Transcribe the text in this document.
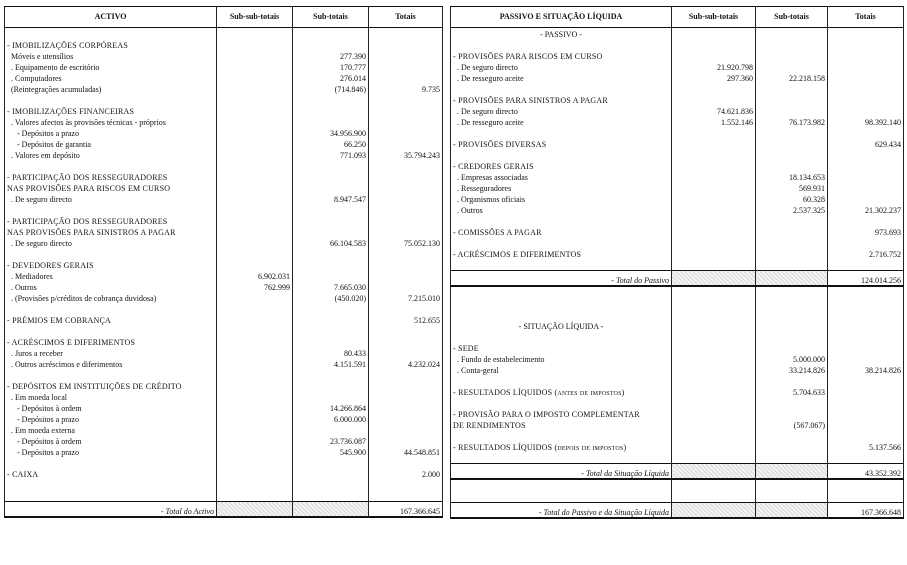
ACTIVO	Sub-sub-totais	Sub-totais	Totais

- IMOBILIZAÇÕES CORPÓREAS			
Móveis e utensílios		277.390	
. Equipamento de escritório		170.777	
. Computadores		276.014	
(Reintegrações acumuladas)		(714.846)	9.735

- IMOBILIZAÇÕES FINANCEIRAS			
. Valores afectos às provisões técnicas - próprios			
- Depósitos a prazo		34.956.900	
- Depósitos de garantia		66.250	
. Valores em depósito		771.093	35.794.243

- PARTICIPAÇÃO DOS RESSEGURADORES			
NAS PROVISÕES PARA RISCOS EM CURSO			
. De seguro directo		8.947.547	

- PARTICIPAÇÃO DOS RESSEGURADORES			
NAS PROVISÕES PARA SINISTROS A PAGAR			
. De seguro directo		66.104.583	75.052.130

- DEVEDORES GERAIS			
. Mediadores	6.902.031		
. Outros	762.999	7.665.030	
. (Provisões p/créditos de cobrança duvidosa)		(450.020)	7.215.010

- PRÉMIOS EM COBRANÇA			512.655

- ACRÉSCIMOS E DIFERIMENTOS			
. Juros a receber		80.433	
. Outros acréscimos e diferimentos		4.151.591	4.232.024

- DEPÓSITOS EM INSTITUIÇÕES DE CRÉDITO			
. Em moeda local			
- Depósitos à ordem		14.266.864	
- Depósitos a prazo		6.000.000	
. Em moeda externa			
- Depósitos à ordem		23.736.087	
- Depósitos a prazo		545.900	44.548.851

- CAIXA			2.000

- Total do Activo			167.366.645
PASSIVO E SITUAÇÃO LÍQUIDA	Sub-sub-totais	Sub-totais	Totais
- PASSIVO -			

- PROVISÕES PARA RISCOS EM CURSO			
. De seguro directo	21.920.798		
. De resseguro aceite	297.360	22.218.158	

- PROVISÕES PARA SINISTROS A PAGAR			
. De seguro directo	74.621.836		
. De resseguro aceite	1.552.146	76.173.982	98.392.140

- PROVISÕES DIVERSAS			629.434

- CREDORES GERAIS			
. Empresas associadas		18.134.653	
. Resseguradores		569.931	
. Organismos oficiais		60.328	
. Outros		2.537.325	21.302.237

- COMISSÕES A PAGAR			973.693

- ACRÉSCIMOS E DIFERIMENTOS			2.716.752

- Total do Passivo			124.014.256

- SITUAÇÃO LÍQUIDA -			

- SEDE			
. Fundo de estabelecimento		5.000.000	
. Conta-geral		33.214.826	38.214.826

- RESULTADOS LÍQUIDOS (antes de impostos)		5.704.633	

- PROVISÃO PARA O IMPOSTO COMPLEMENTAR			
DE RENDIMENTOS		(567.067)	

- RESULTADOS LÍQUIDOS (depois de impostos)			5.137.566

- Total da Situação Líquida			43.352.392

- Total do Passivo e da Situação Líquida			167.366.648
